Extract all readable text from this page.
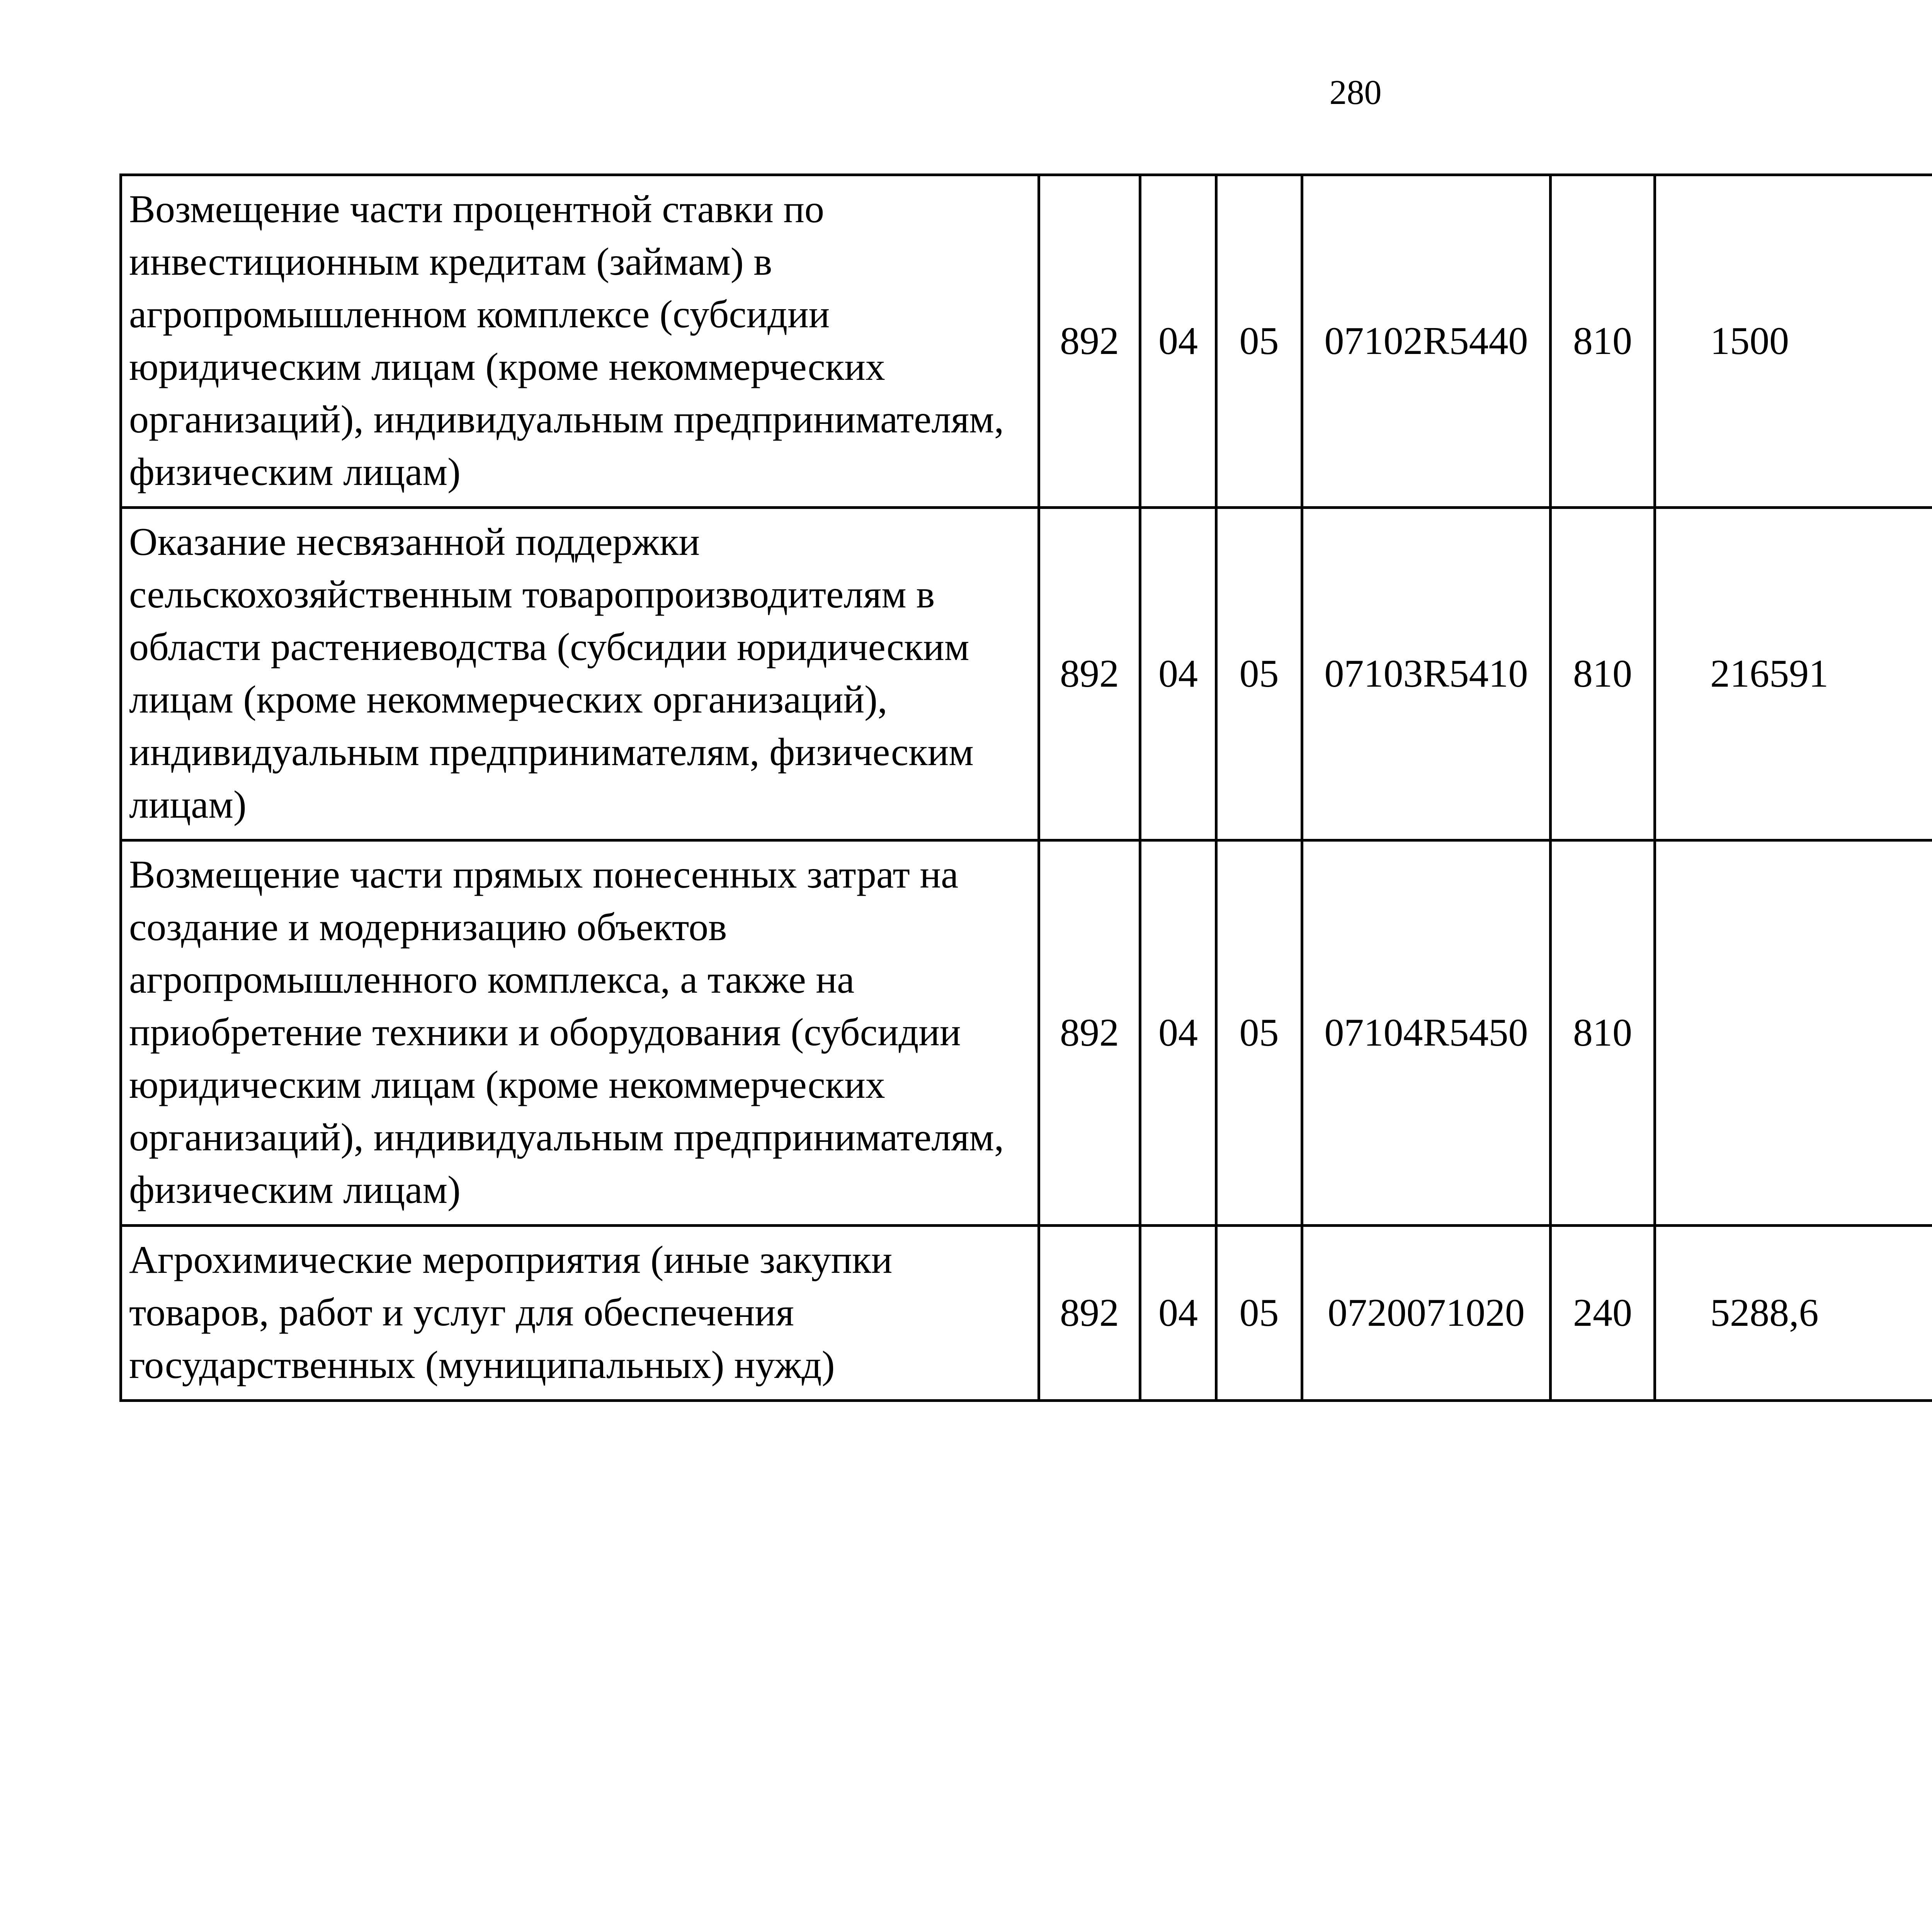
280
Возмещение части процентной ставки по инвестиционным кредитам (займам) в агропромышленном комплексе (субсидии юридическим лицам (кроме некоммерческих организаций), индивидуальным предпринимателям, физическим лицам)	892	04	05	07102R5440	810	1500		
Оказание несвязанной поддержки сельскохозяйственным товаропроизводителям в области растениеводства (субсидии юридическим лицам (кроме некоммерческих организаций), индивидуальным предпринимателям, физическим лицам)	892	04	05	07103R5410	810	216591		
Возмещение части прямых понесенных затрат на создание и модернизацию объектов агропромышленного комплекса, а также на приобретение техники и оборудования (субсидии юридическим лицам (кроме некоммерческих организаций), индивидуальным предпринимателям, физическим лицам)	892	04	05	07104R5450	810			
Агрохимические мероприятия (иные закупки товаров, работ и услуг для обеспечения государственных (муниципальных) нужд)	892	04	05	0720071020	240	5288,6		
